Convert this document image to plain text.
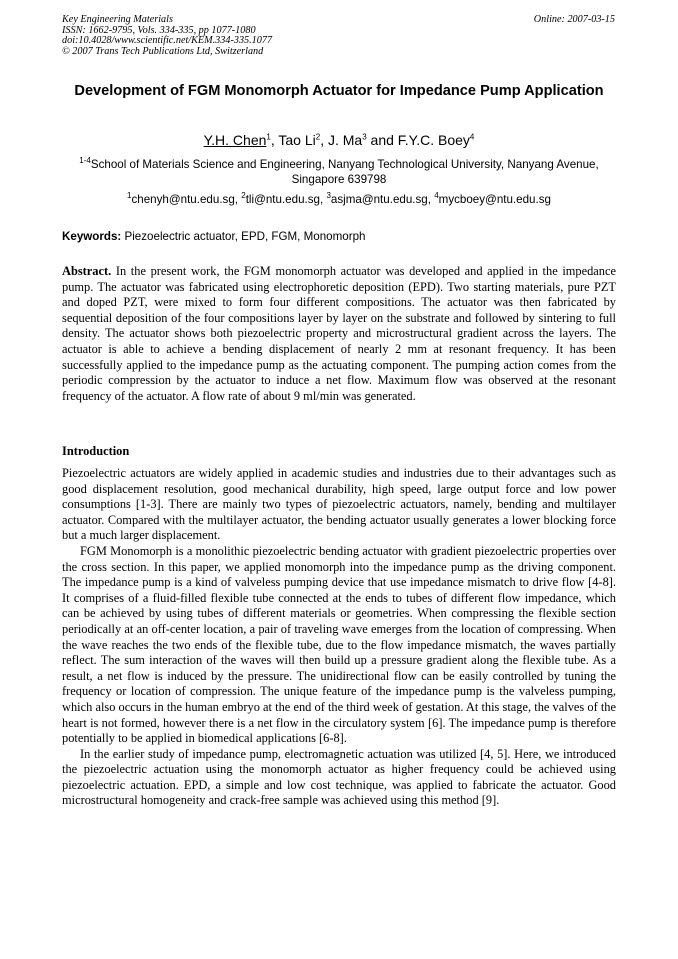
Key Engineering Materials
ISSN: 1662-9795, Vols. 334-335, pp 1077-1080
doi:10.4028/www.scientific.net/KEM.334-335.1077
© 2007 Trans Tech Publications Ltd, Switzerland
Online: 2007-03-15
Development of FGM Monomorph Actuator for Impedance Pump Application
Y.H. Chen$^1$, Tao Li$^2$, J. Ma$^3$ and F.Y.C. Boey$^4$
$^{1-4}$School of Materials Science and Engineering, Nanyang Technological University, Nanyang Avenue, Singapore 639798
$^1$chenyh@ntu.edu.sg, $^2$tli@ntu.edu.sg, $^3$asjma@ntu.edu.sg, $^4$mycboey@ntu.edu.sg
Keywords: Piezoelectric actuator, EPD, FGM, Monomorph
Abstract. In the present work, the FGM monomorph actuator was developed and applied in the impedance pump. The actuator was fabricated using electrophoretic deposition (EPD). Two starting materials, pure PZT and doped PZT, were mixed to form four different compositions. The actuator was then fabricated by sequential deposition of the four compositions layer by layer on the substrate and followed by sintering to full density. The actuator shows both piezoelectric property and microstructural gradient across the layers. The actuator is able to achieve a bending displacement of nearly 2 mm at resonant frequency. It has been successfully applied to the impedance pump as the actuating component. The pumping action comes from the periodic compression by the actuator to induce a net flow. Maximum flow was observed at the resonant frequency of the actuator. A flow rate of about 9 ml/min was generated.
Introduction

Piezoelectric actuators are widely applied in academic studies and industries due to their advantages such as good displacement resolution, good mechanical durability, high speed, large output force and low power consumptions [1-3]. There are mainly two types of piezoelectric actuators, namely, bending and multilayer actuator. Compared with the multilayer actuator, the bending actuator usually generates a lower blocking force but a much larger displacement.

FGM Monomorph is a monolithic piezoelectric bending actuator with gradient piezoelectric properties over the cross section. In this paper, we applied monomorph into the impedance pump as the driving component. The impedance pump is a kind of valveless pumping device that use impedance mismatch to drive flow [4-8]. It comprises of a fluid-filled flexible tube connected at the ends to tubes of different flow impedance, which can be achieved by using tubes of different materials or geometries. When compressing the flexible section periodically at an off-center location, a pair of traveling wave emerges from the location of compressing. When the wave reaches the two ends of the flexible tube, due to the flow impedance mismatch, the waves partially reflect. The sum interaction of the waves will then build up a pressure gradient along the flexible tube. As a result, a net flow is induced by the pressure. The unidirectional flow can be easily controlled by tuning the frequency or location of compression. The unique feature of the impedance pump is the valveless pumping, which also occurs in the human embryo at the end of the third week of gestation. At this stage, the valves of the heart is not formed, however there is a net flow in the circulatory system [6]. The impedance pump is therefore potentially to be applied in biomedical applications [6-8].

In the earlier study of impedance pump, electromagnetic actuation was utilized [4, 5]. Here, we introduced the piezoelectric actuation using the monomorph actuator as higher frequency could be achieved using piezoelectric actuation. EPD, a simple and low cost technique, was applied to fabricate the actuator. Good microstructural homogeneity and crack-free sample was achieved using this method [9].
